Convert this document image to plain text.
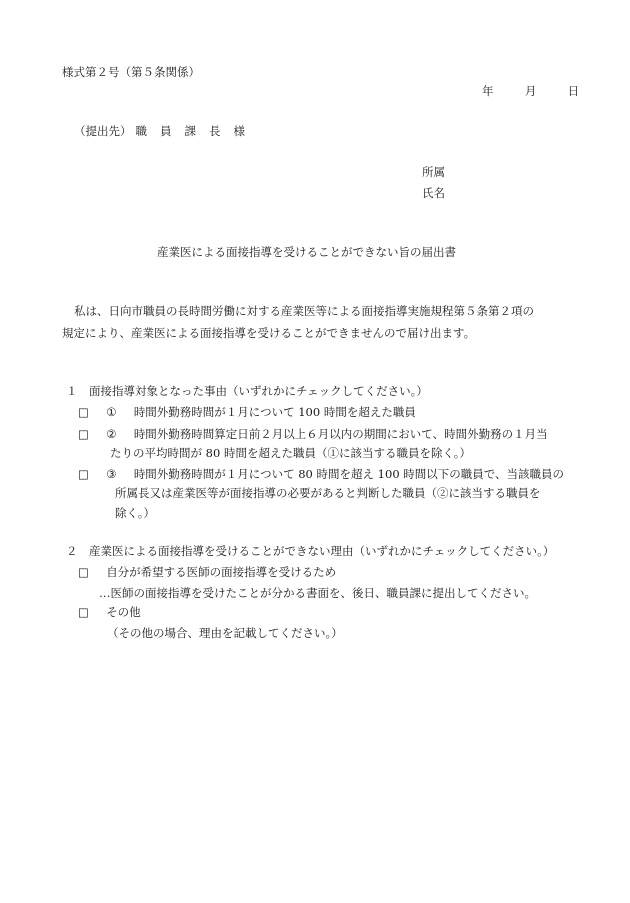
様式第２号（第５条関係）
年	月	日
（提出先） 職 員 課 長 様
所属
氏名
産業医による面接指導を受けることができない旨の届出書
私は、日向市職員の長時間労働に対する産業医等による面接指導実施規程第５条第２項の
規定により、産業医による面接指導を受けることができませんので届け出ます。
１　面接指導対象となった事由（いずれかにチェックしてください。）
□ ① 時間外勤務時間が１月について 100 時間を超えた職員
□ ② 時間外勤務時間算定日前２月以上６月以内の期間において、時間外勤務の１月当
たりの平均時間が 80 時間を超えた職員（①に該当する職員を除く。）
□ ③ 時間外勤務時間が１月について 80 時間を超え 100 時間以下の職員で、当該職員の
所属長又は産業医等が面接指導の必要があると判断した職員（②に該当する職員を
除く。）
２　産業医による面接指導を受けることができない理由（いずれかにチェックしてください。）
□ 自分が希望する医師の面接指導を受けるため
…医師の面接指導を受けたことが分かる書面を、後日、職員課に提出してください。
□ その他
（その他の場合、理由を記載してください。）
